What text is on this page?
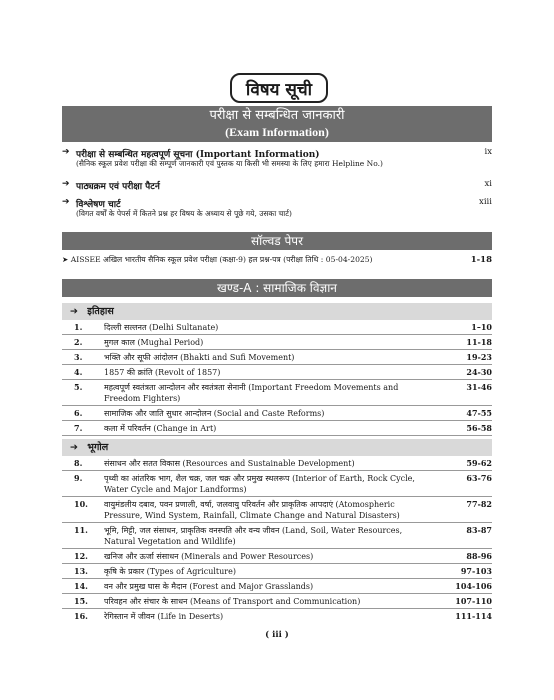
विषय सूची
परीक्षा से सम्बन्धित जानकारी
(Exam Information)
➔ परीक्षा से सम्बन्धित महत्वपूर्ण सूचना (Important Information)
(सैनिक स्कूल प्रवेश परीक्षा की सम्पूर्ण जानकारी एवं पुस्तक या किसी भी समस्या के लिए हमारा Helpline No.)
ix
➔ पाठ्यक्रम एवं परीक्षा पैटर्न	xi
➔ विश्लेषण चार्ट
(विगत वर्षों के पेपर्स में कितने प्रश्न हर विषय के अध्याय से पूछे गये, उसका चार्ट)
xiii
सॉल्वड पेपर
➤ AISSEE अखिल भारतीय सैनिक स्कूल प्रवेश परीक्षा (कक्षा-9) हल प्रश्न-पत्र (परीक्षा तिथि : 05-04-2025)	1-18
खण्ड-A : सामाजिक विज्ञान
➔ इतिहास
1.	दिल्ली सल्तनत (Delhi Sultanate)	1–10
2.	मुगल काल (Mughal Period)	11-18
3.	भक्ति और सूफी आंदोलन (Bhakti and Sufi Movement)	19-23
4.	1857 की क्रांति (Revolt of 1857)	24-30
5.	महत्वपूर्ण स्वतंत्रता आन्दोलन और स्वतंत्रता सेनानी (Important Freedom Movements and Freedom Fighters)
31-46
6.	सामाजिक और जाति सुधार आन्दोलन (Social and Caste Reforms)	47-55
7.	कला में परिवर्तन (Change in Art)	56-58
➔ भूगोल
8.	संसाधन और सतत विकास (Resources and Sustainable Development)	59-62
9.	पृथ्वी का आंतरिक भाग, शैल चक्र, जल चक्र और प्रमुख स्थलरूप (Interior of Earth, Rock Cycle, Water Cycle and Major Landforms)
63-76
10. वायुमंडलीय दबाव, पवन प्रणाली, वर्षा, जलवायु परिवर्तन और प्राकृतिक आपदाएं (Atomospheric Pressure, Wind System, Rainfall, Climate Change and Natural Disasters)
77-82
11. भूमि, मिट्टी, जल संसाधन, प्राकृतिक वनस्पति और वन्य जीवन (Land, Soil, Water Resources, Natural Vegetation and Wildlife)
83-87
12. खनिज और ऊर्जा संसाधन (Minerals and Power Resources)	88-96
13. कृषि के प्रकार (Types of Agriculture)	97-103
14. वन और प्रमुख घास के मैदान (Forest and Major Grasslands)	104-106
15. परिवहन और संचार के साधन (Means of Transport and Communication)	107-110
16. रेगिस्तान में जीवन (Life in Deserts)	111-114
( iii )
